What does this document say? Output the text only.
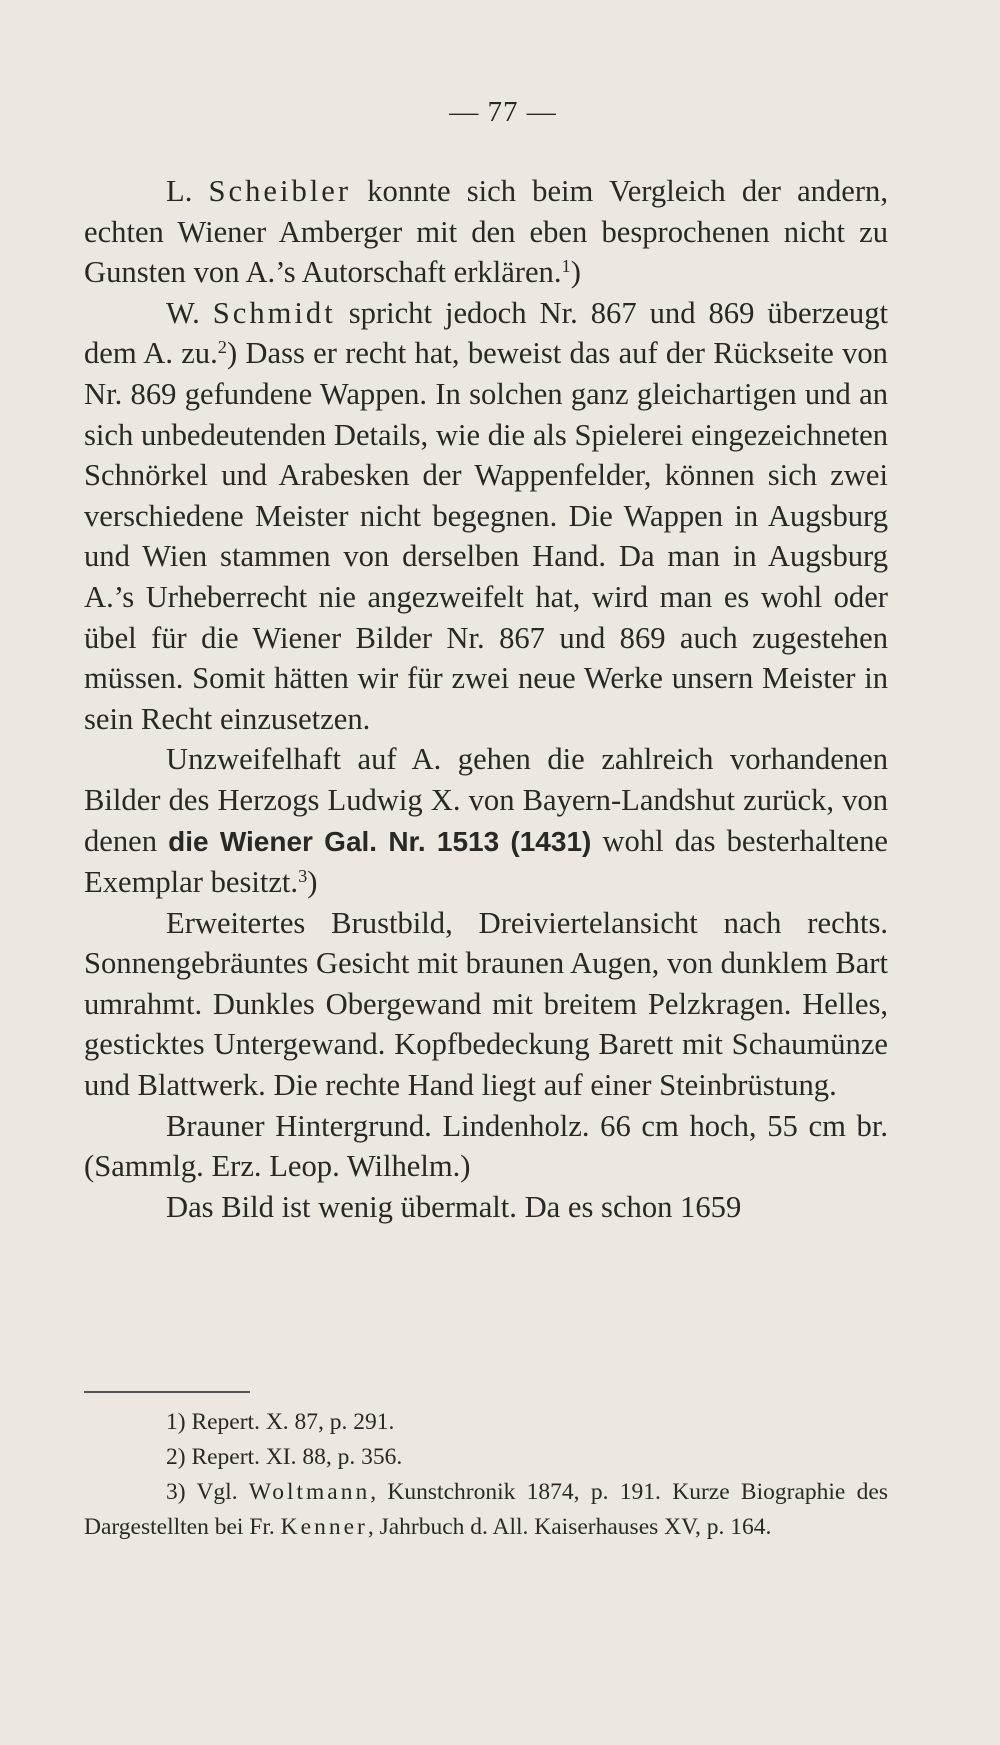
— 77 —

L. Scheibler konnte sich beim Vergleich der andern, echten Wiener Amberger mit den eben besprochenen nicht zu Gunsten von A.’s Autorschaft erklären.$^1$)

W. Schmidt spricht jedoch Nr. 867 und 869 überzeugt dem A. zu.$^2$) Dass er recht hat, beweist das auf der Rückseite von Nr. 869 gefundene Wappen. In solchen ganz gleichartigen und an sich unbedeutenden Details, wie die als Spielerei eingezeichneten Schnörkel und Arabesken der Wappenfelder, können sich zwei verschiedene Meister nicht begegnen. Die Wappen in Augsburg und Wien stammen von derselben Hand. Da man in Augsburg A.’s Urheberrecht nie angezweifelt hat, wird man es wohl oder übel für die Wiener Bilder Nr. 867 und 869 auch zugestehen müssen. Somit hätten wir für zwei neue Werke unsern Meister in sein Recht einzusetzen.

Unzweifelhaft auf A. gehen die zahlreich vorhandenen Bilder des Herzogs Ludwig X. von Bayern-Landshut zurück, von denen die Wiener Gal. Nr. 1513 (1431) wohl das besterhaltene Exemplar besitzt.$^3$)

Erweitertes Brustbild, Dreiviertelansicht nach rechts. Sonnengebräuntes Gesicht mit braunen Augen, von dunklem Bart umrahmt. Dunkles Obergewand mit breitem Pelzkragen. Helles, gesticktes Untergewand. Kopfbedeckung Barett mit Schaumünze und Blattwerk. Die rechte Hand liegt auf einer Steinbrüstung.

Brauner Hintergrund. Lindenholz. 66 cm hoch, 55 cm br. (Sammlg. Erz. Leop. Wilhelm.)

Das Bild ist wenig übermalt. Da es schon 1659

1) Repert. X. 87, p. 291.

2) Repert. XI. 88, p. 356.

3) Vgl. Woltmann, Kunstchronik 1874, p. 191. Kurze Biographie des Dargestellten bei Fr. Kenner, Jahrbuch d. All. Kaiserhauses XV, p. 164.
